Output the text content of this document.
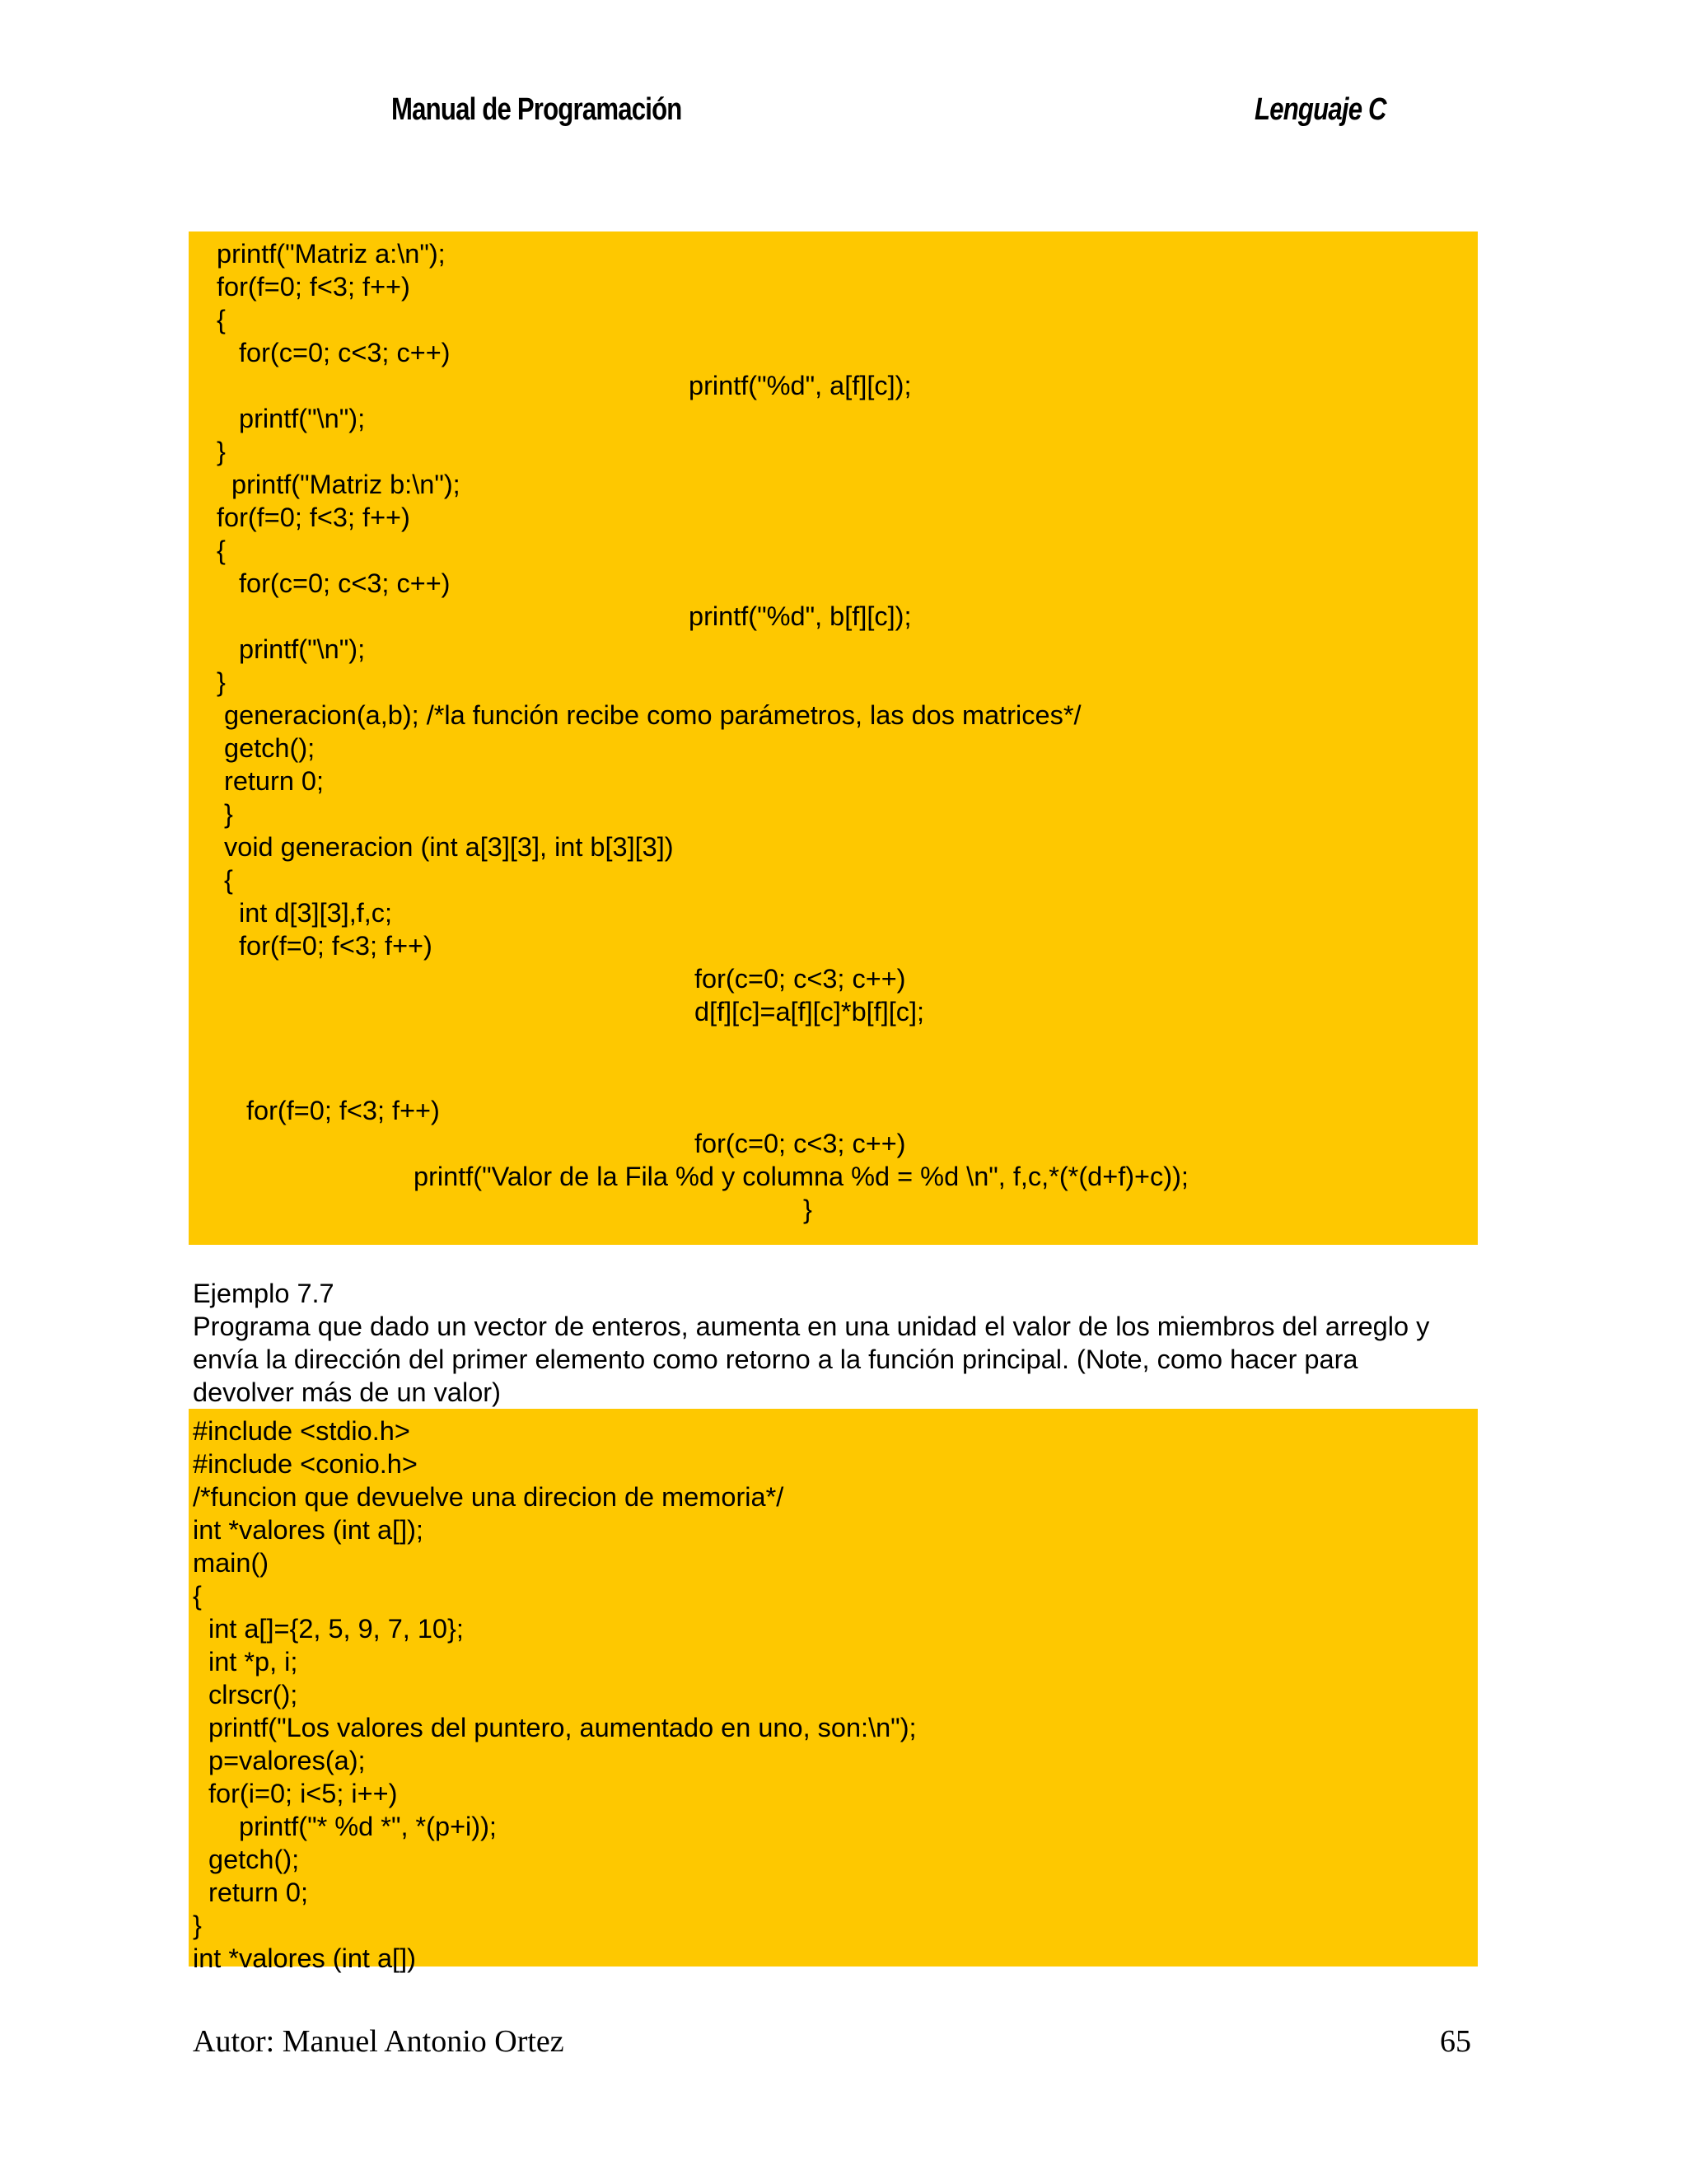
Manual de Programación	Lenguaje C
Ejemplo 7.7
Programa que dado un vector de enteros, aumenta en una unidad el valor de los miembros del arreglo y
envía la dirección del primer elemento como retorno a la función principal. (Note, como hacer para
devolver más de un valor)
Autor: Manuel Antonio Ortez	65
printf("Matriz a:\n");
for(f=0; f<3; f++)
{
for(c=0; c<3; c++)
printf("%d", a[f][c]);
printf("\n");
}
printf("Matriz b:\n");
for(f=0; f<3; f++)
{
for(c=0; c<3; c++)
printf("%d", b[f][c]);
printf("\n");
}
generacion(a,b); /*la función recibe como parámetros, las dos matrices*/
getch();
return 0;
}
void generacion (int a[3][3], int b[3][3])
{
int d[3][3],f,c;
for(f=0; f<3; f++)
for(c=0; c<3; c++)
d[f][c]=a[f][c]*b[f][c];
for(f=0; f<3; f++)
for(c=0; c<3; c++)
printf("Valor de la Fila %d y columna %d = %d \n", f,c,*(*(d+f)+c));
}
#include <stdio.h>
#include <conio.h>
/*funcion que devuelve una direcion de memoria*/
int *valores (int a[]);
main()
{
int a[]={2, 5, 9, 7, 10};
int *p, i;
clrscr();
printf("Los valores del puntero, aumentado en uno, son:\n");
p=valores(a);
for(i=0; i<5; i++)
printf("* %d *", *(p+i));
getch();
return 0;
}
int *valores (int a[])
